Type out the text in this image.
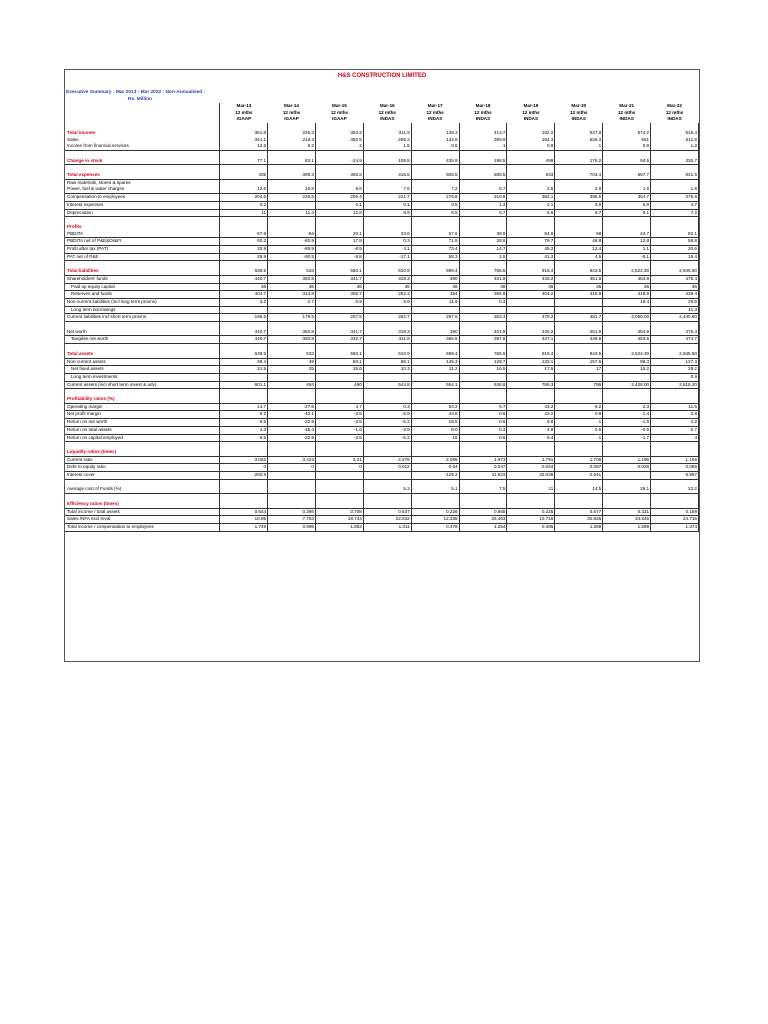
H&S CONSTRUCTION LIMITED
Executive Summary : Mar 2013 - Mar 2022 : Non-Annualised :
Rs. Million
	Mar-13	Mar-14	Mar-15	Mar-16	Mar-17	Mar-18	Mar-19	Mar-20	Mar-21	Mar-22
	12 mths	12 mths	12 mths	12 mths	12 mths	12 mths	12 mths	12 mths	12 mths	12 mths
	IGAAP	IGAAP	IGAAP	INDAS	INDAS	INDAS	INDAS	INDAS	INDAS	INDAS

Total income	351.8	226.3	353.2	311.9	148.3	413.7	192.2	537.8	574.2	516.4
Sales	341.1	219.3	350.5	259.2	132.6	399.9	184.3	526.3	561	511.6
Income from financial services	12.6	6.2	2	1.5	0.6	1	0.9	1	0.8	1.2

Change in stock	77.1	83.1	-24.9	108.8	435.9	198.5	499	176.2	94.6	335.7

Total expenses	405	399.3	366.8	416.6	508.8	589.5	643	703.4	667.7	831.5
Raw materials, stores & spares										
Power, fuel & water charges	12.6	10.8	8.6	7.6	7.2	6.7	2.5	2.9	1.9	1.6
Compensation to employees	204.6	226.5	205.4	221.7	276.8	319.8	382.1	395.5	354.7	375.8
Interest expenses	0.2		0.1	0.1	0.5	1.3	2.1	3.9	5.9	4.7
Depreciation	11	11.4	12.8	8.9	8.5	5.7	5.6	6.7	8.1	7.2

Profits										
PBDITA	67.8	-54	20.1	23.6	67.6	39.9	84.6	58	24.7	82.1
PBDITA net of P&E&OI&FI	50.2	-60.9	17.8	0.3	71.9	28.6	79.7	48.8	12.8	58.8
Profit after tax (PAT)	33.9	-89.9	-8.5	4.1	73.4	14.7	45.2	12.4	1.1	20.6
PAT net of P&E	28.9	-90.5	-8.8	-17.1	58.3	2.5	41.2	4.5	-8.1	19.4

Total liabilities	639.5	533	550.1	610.9	699.4	765.5	918.4	943.5	2,524.30	2,945.50
Shareholders' funds	440.7	350.8	341.7	318.3	390	401.9	440.2	451.8	454.9	475.4
Paid up equity capital	36	36	36	36	36	36	36	36	36	36
Reserves and funds	404.7	314.8	305.7	282.3	354	365.9	404.2	415.8	418.9	439.4
Non-current liabilities (incl long term provns)	3.2	2.7	0.9	9.9	11.9	0.3			19.4	29.5
Long term borrowings										11.3
Current liabilities incl short term provns	195.6	179.5	207.5	282.7	297.5	363.3	478.2	491.7	2,050.00	2,440.60

Net worth	440.7	350.8	341.7	318.3	390	401.9	440.2	451.8	454.9	475.4
Tangible net worth	440.7	350.8	332.7	311.8	365.6	397.8	437.1	449.8	453.5	474.7

Total assets	639.5	533	550.1	610.9	699.4	765.5	918.4	943.5	2,524.30	2,945.50
Non-current assets	38.4	49	60.1	66.1	145.3	128.7	132.1	157.5	96.3	127.3
Net fixed assets	31.5	25	15.6	10.3	11.2	16.9	17.5	17	15.2	28.2
Long term investments										0.9
Current assets (incl short term invest & adv)	601.1	484	490	544.8	554.1	636.8	786.3	786	2,428.00	2,818.20

Profitability ratios (%)										
Operating margin	14.7	-27.8	4.7	0.3	54.2	6.7	43.2	9.2	2.3	11.5
Net profit margin	9.2	-40.1	-2.5	-5.9	43.8	0.6	22.2	0.8	-1.4	3.8
Return on net worth	6.5	-22.9	-2.5	-5.2	18.5	0.6	9.8	1	-1.8	4.2
Return on total assets	4.3	-15.4	-1.6	-2.9	8.0	0.3	4.9	0.5	-0.5	0.7
Return on capital employed	6.5	-22.9	-2.5	-5.2	16	0.6	9.4	1	-1.7	4

Liquidity ratios (times)										
Current ratio	3.062	3.423	3.21	2.276	2.065	1.973	1.791	1.709	1.198	1.156
Debt to equity ratio	0	0	0	0.012	0.04	0.047	0.044	0.087	0.026	0.085
Interest cover	260.5				129.2	11.923	32.048	2.641		6.957

Average cost of Funds (%)				5.3	5.1	7.5	11	14.5	26.1	22.2

Efficiency ratios (times)										
Total income / total assets	0.544	0.386	0.708	0.537	0.226	0.565	0.225	0.577	0.331	0.189
Sales /NFA excl reval	10.95	7.763	18.744	22.332	12.335	26.463	10.715	30.826	34.845	24.715
Total income / compensation to employees	1.729	0.998	1.853	1.311	0.478	1.254	0.485	1.359	1.589	1.374
